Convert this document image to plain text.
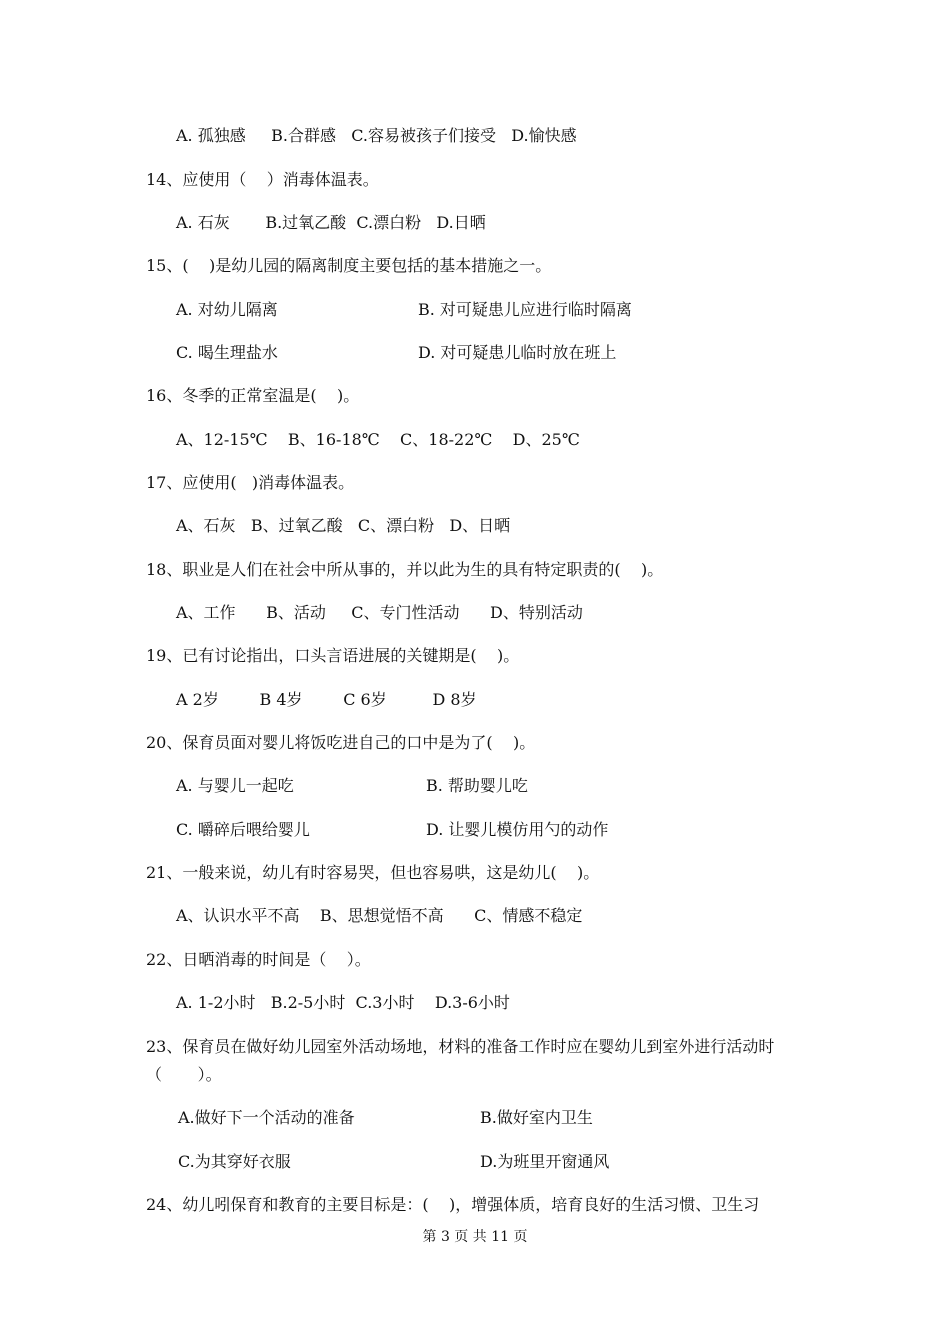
A. 孤独感     B.合群感   C.容易被孩子们接受   D.愉快感
14、应使用（    ）消毒体温表。
A. 石灰       B.过氧乙酸  C.漂白粉   D.日晒
15、(    )是幼儿园的隔离制度主要包括的基本措施之一。
A. 对幼儿隔离	B. 对可疑患儿应进行临时隔离
C. 喝生理盐水	D. 对可疑患儿临时放在班上
16、冬季的正常室温是(    )。
A、12-15℃    B、16-18℃    C、18-22℃    D、25℃
17、应使用(   )消毒体温表。
A、石灰   B、过氧乙酸   C、漂白粉   D、日晒
18、职业是人们在社会中所从事的，并以此为生的具有特定职责的(    )。
A、工作      B、活动     C、专门性活动      D、特别活动
19、已有讨论指出，口头言语进展的关键期是(    )。
A 2岁        B 4岁        C 6岁         D 8岁
20、保育员面对婴儿将饭吃进自己的口中是为了(    )。
A. 与婴儿一起吃	B. 帮助婴儿吃
C. 嚼碎后喂给婴儿	D. 让婴儿模仿用勺的动作
21、一般来说，幼儿有时容易哭，但也容易哄，这是幼儿(    )。
A、认识水平不高    B、思想觉悟不高      C、情感不稳定
22、日晒消毒的时间是（    ）。
A. 1-2小时   B.2-5小时  C.3小时    D.3-6小时
23、保育员在做好幼儿园室外活动场地，材料的准备工作时应在婴幼儿到室外进行活动时
（       ）。
A.做好下一个活动的准备	B.做好室内卫生
C.为其穿好衣服	D.为班里开窗通风
24、幼儿吲保育和教育的主要目标是：(    )，增强体质，培育良好的生活习惯、卫生习
第 3 页 共 11 页
